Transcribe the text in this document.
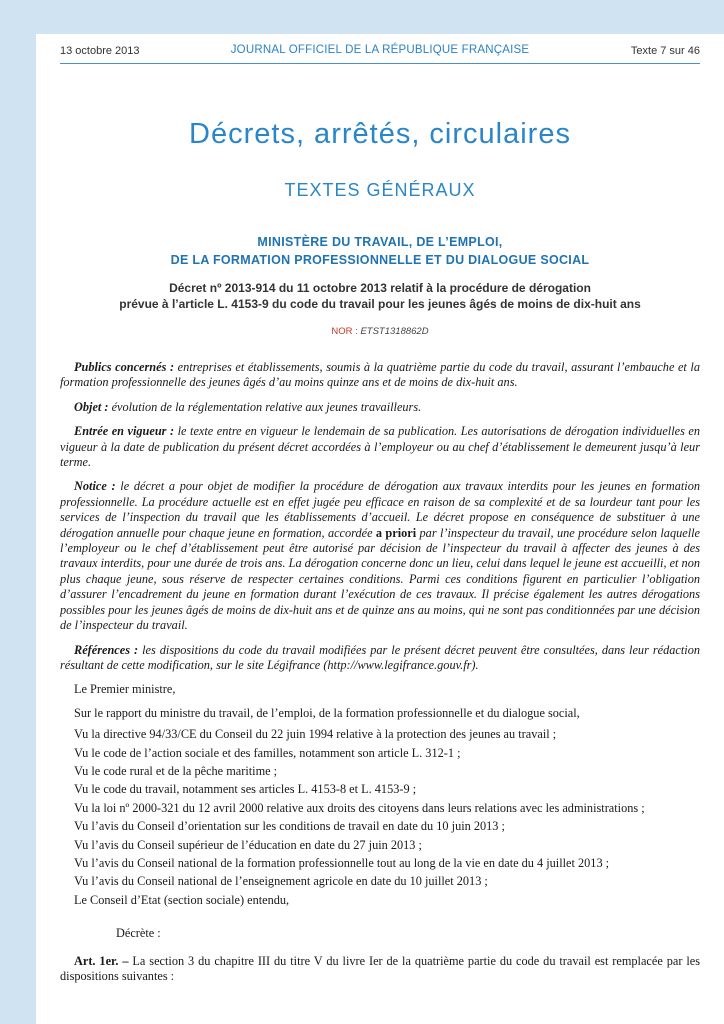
13 octobre 2013	JOURNAL OFFICIEL DE LA RÉPUBLIQUE FRANÇAISE	Texte 7 sur 46
Décrets, arrêtés, circulaires
TEXTES GÉNÉRAUX
MINISTÈRE DU TRAVAIL, DE L’EMPLOI,
DE LA FORMATION PROFESSIONNELLE ET DU DIALOGUE SOCIAL
Décret nº 2013-914 du 11 octobre 2013 relatif à la procédure de dérogation
prévue à l’article L. 4153-9 du code du travail pour les jeunes âgés de moins de dix-huit ans
NOR : ETST1318862D

Publics concernés : entreprises et établissements, soumis à la quatrième partie du code du travail, assurant l’embauche et la formation professionnelle des jeunes âgés d’au moins quinze ans et de moins de dix-huit ans.

Objet : évolution de la réglementation relative aux jeunes travailleurs.

Entrée en vigueur : le texte entre en vigueur le lendemain de sa publication. Les autorisations de dérogation individuelles en vigueur à la date de publication du présent décret accordées à l’employeur ou au chef d’établissement le demeurent jusqu’à leur terme.

Notice : le décret a pour objet de modifier la procédure de dérogation aux travaux interdits pour les jeunes en formation professionnelle. La procédure actuelle est en effet jugée peu efficace en raison de sa complexité et de sa lourdeur tant pour les services de l’inspection du travail que les établissements d’accueil. Le décret propose en conséquence de substituer à une dérogation annuelle pour chaque jeune en formation, accordée a priori par l’inspecteur du travail, une procédure selon laquelle l’employeur ou le chef d’établissement peut être autorisé par décision de l’inspecteur du travail à affecter des jeunes à des travaux interdits, pour une durée de trois ans. La dérogation concerne donc un lieu, celui dans lequel le jeune est accueilli, et non plus chaque jeune, sous réserve de respecter certaines conditions. Parmi ces conditions figurent en particulier l’obligation d’assurer l’encadrement du jeune en formation durant l’exécution de ces travaux. Il précise également les autres dérogations possibles pour les jeunes âgés de moins de dix-huit ans et de quinze ans au moins, qui ne sont pas conditionnées par une décision de l’inspecteur du travail.

Références : les dispositions du code du travail modifiées par le présent décret peuvent être consultées, dans leur rédaction résultant de cette modification, sur le site Légifrance (http://www.legifrance.gouv.fr).

Le Premier ministre,

Sur le rapport du ministre du travail, de l’emploi, de la formation professionnelle et du dialogue social,

Vu la directive 94/33/CE du Conseil du 22 juin 1994 relative à la protection des jeunes au travail ;

Vu le code de l’action sociale et des familles, notamment son article L. 312-1 ;

Vu le code rural et de la pêche maritime ;

Vu le code du travail, notamment ses articles L. 4153-8 et L. 4153-9 ;

Vu la loi nº 2000-321 du 12 avril 2000 relative aux droits des citoyens dans leurs relations avec les administrations ;

Vu l’avis du Conseil d’orientation sur les conditions de travail en date du 10 juin 2013 ;

Vu l’avis du Conseil supérieur de l’éducation en date du 27 juin 2013 ;

Vu l’avis du Conseil national de la formation professionnelle tout au long de la vie en date du 4 juillet 2013 ;

Vu l’avis du Conseil national de l’enseignement agricole en date du 10 juillet 2013 ;

Le Conseil d’Etat (section sociale) entendu,

Décrète :

Art. 1er. – La section 3 du chapitre III du titre V du livre Ier de la quatrième partie du code du travail est remplacée par les dispositions suivantes :
